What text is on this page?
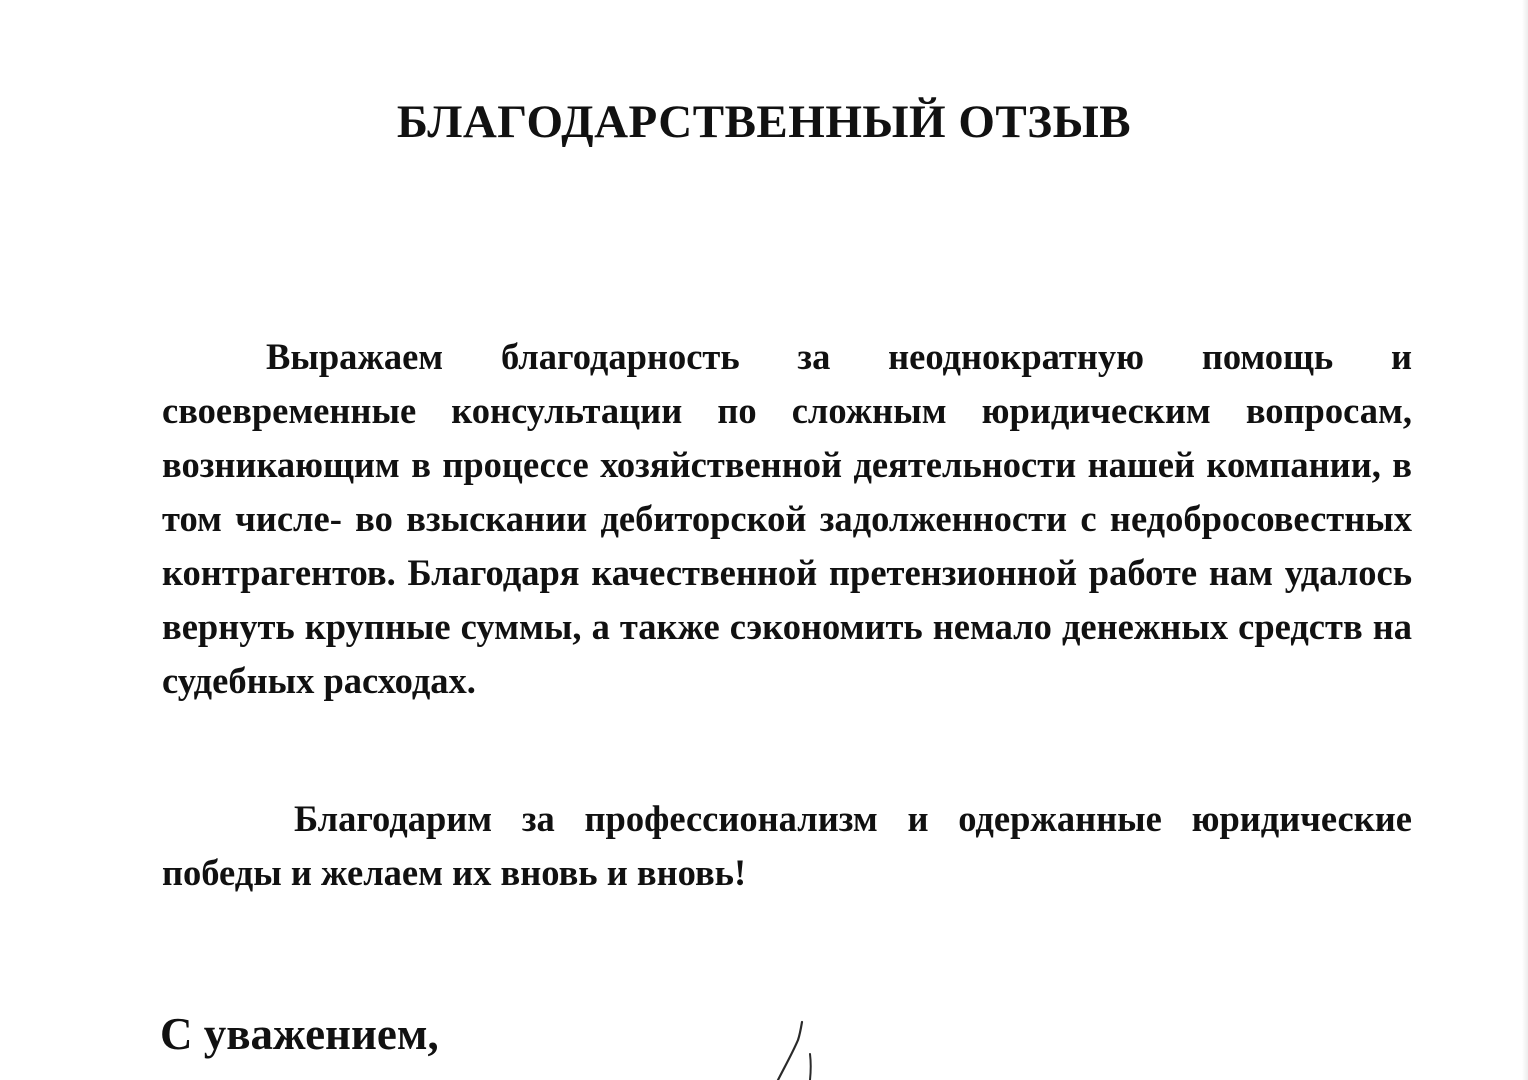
БЛАГОДАРСТВЕННЫЙ ОТЗЫВ

Выражаем благодарность за неоднократную помощь и своевременные консультации по сложным юридическим вопросам, возникающим в процессе хозяйственной деятельности нашей компании, в том числе- во взыскании дебиторской задолженности с недобросовестных контрагентов. Благодаря качественной претензионной работе нам удалось вернуть крупные суммы, а также сэкономить немало денежных средств на судебных расходах.

Благодарим за профессионализм и одержанные юридические победы и желаем их вновь и вновь!

С уважением,
